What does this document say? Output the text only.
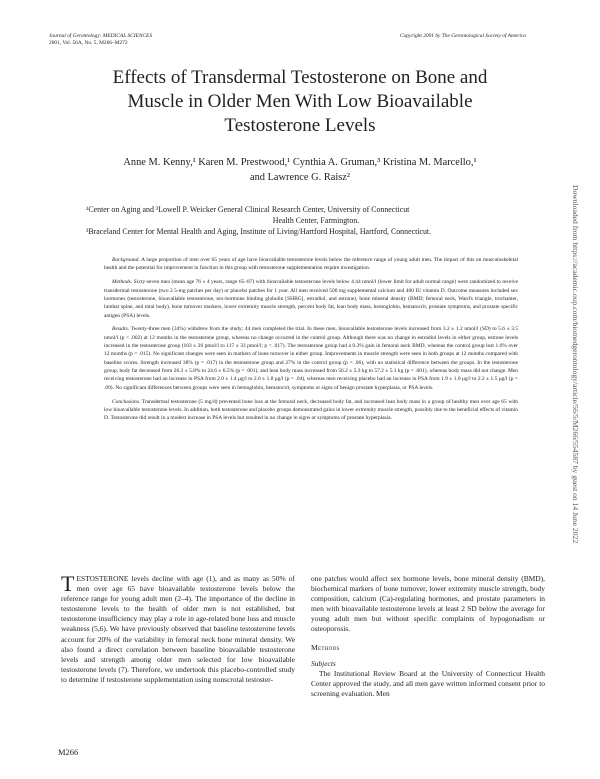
Journal of Gerontology: MEDICAL SCIENCES
2001, Vol. 56A, No. 5, M266–M272
Copyright 2001 by The Gerontological Society of America
Effects of Transdermal Testosterone on Bone and
Muscle in Older Men With Low Bioavailable
Testosterone Levels
Anne M. Kenny,¹ Karen M. Prestwood,¹ Cynthia A. Gruman,³ Kristina M. Marcello,¹
and Lawrence G. Raisz²
¹Center on Aging and ²Lowell P. Weicker General Clinical Research Center, University of Connecticut
Health Center, Farmington.
³Braceland Center for Mental Health and Aging, Institute of Living/Hartford Hospital, Hartford, Connecticut.

Background. A large proportion of men over 65 years of age have bioavailable testosterone levels below the reference range of young adult men. The impact of this on musculoskeletal health and the potential for improvement in function in this group with testosterone supplementation require investigation.

Methods. Sixty-seven men (mean age 76 ± 4 years, range 65–87) with bioavailable testosterone levels below 4.44 nmol/l (lower limit for adult normal range) were randomized to receive transdermal testosterone (two 2.5-mg patches per day) or placebo patches for 1 year. All men received 500 mg supplemental calcium and 400 IU vitamin D. Outcome measures included sex hormones (testosterone, bioavailable testosterone, sex-hormone binding globulin [SHBG], estradiol, and estrone), bone mineral density (BMD; femoral neck, Ward's triangle, trochanter, lumbar spine, and total body), bone turnover markers, lower extremity muscle strength, percent body fat, lean body mass, hemoglobin, hematocrit, prostate symptoms, and prostate specific antigen (PSA) levels.

Results. Twenty-three men (34%) withdrew from the study; 44 men completed the trial. In these men, bioavailable testosterone levels increased from 3.2 ± 1.2 nmol/l (SD) to 5.6 ± 3.5 nmol/l (p < .002) at 12 months in the testosterone group, whereas no change occurred in the control group. Although there was no change in estradiol levels in either group, estrone levels increased in the testosterone group (103 ± 26 pmol/l to 117 ± 33 pmol/l; p < .017). The testosterone group had a 0.3% gain in femoral neck BMD, whereas the control group lost 1.6% over 12 months (p = .015). No significant changes were seen in markers of bone turnover in either group. Improvements in muscle strength were seen in both groups at 12 months compared with baseline scores. Strength increased 38% (p = .017) in the testosterone group and 27% in the control group (p = .06), with no statistical difference between the groups. In the testosterone group, body fat decreased from 26.3 ± 5.8% to 24.6 ± 6.5% (p = .001), and lean body mass increased from 56.2 ± 5.3 kg to 57.2 ± 5.1 kg (p = .001), whereas body mass did not change. Men receiving testosterone had an increase in PSA from 2.0 ± 1.4 μg/l to 2.6 ± 1.8 μg/l (p = .04), whereas men receiving placebo had an increase in PSA from 1.9 ± 1.0 μg/l to 2.2 ± 1.5 μg/l (p = .09). No significant differences between groups were seen in hemoglobin, hematocrit, symptoms or signs of benign prostate hyperplasia, or PSA levels.

Conclusions. Transdermal testosterone (5 mg/d) prevented bone loss at the femoral neck, decreased body fat, and increased lean body mass in a group of healthy men over age 65 with low bioavailable testosterone levels. In addition, both testosterone and placebo groups demonstrated gains in lower extremity muscle strength, possibly due to the beneficial effects of vitamin D. Testosterone did result in a modest increase in PSA levels but resulted in no change in signs or symptoms of prostate hyperplasia.

TESTOSTERONE levels decline with age (1), and as many as 50% of men over age 65 have bioavailable testosterone levels below the reference range for young adult men (2–4). The importance of the decline in testosterone levels to the health of older men is not established, but testosterone insufficiency may play a role in age-related bone loss and muscle weakness (5,6). We have previously observed that baseline testosterone levels account for 20% of the variability in femoral neck bone mineral density. We also found a direct correlation between baseline bioavailable testosterone levels and strength among older men selected for low bioavailable testosterone levels (7). Therefore, we undertook this placebo-controlled study to determine if testosterone supplementation using nonscrotal testoster-

one patches would affect sex hormone levels, bone mineral density (BMD), biochemical markers of bone turnover, lower extremity muscle strength, body composition, calcium (Ca)-regulating hormones, and prostate parameters in men with bioavailable testosterone levels at least 2 SD below the average for young adult men but without specific complaints of hypogonadism or osteoporosis.

Methods

Subjects

The Institutional Review Board at the University of Connecticut Health Center approved the study, and all men gave written informed consent prior to screening evaluation. Men

M266
Downloaded from https://academic.oup.com/biomedgerontology/article/56/5/M266/554587 by guest on 14 June 2022
